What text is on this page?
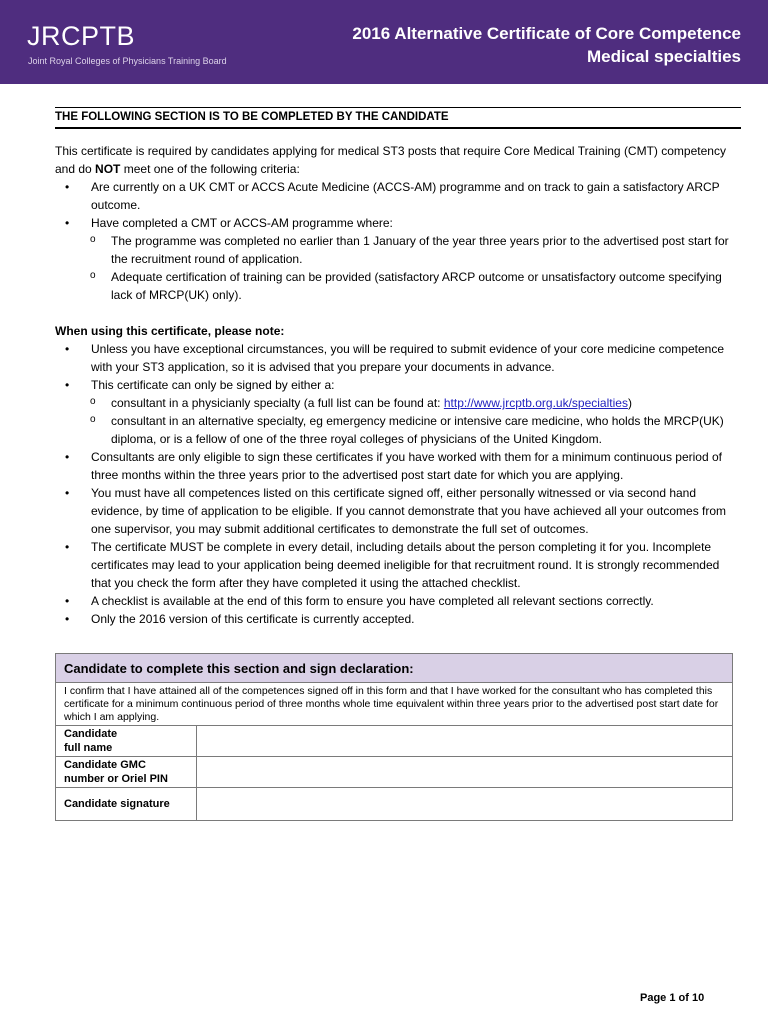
JRCPTB
Joint Royal Colleges of Physicians Training Board
2016 Alternative Certificate of Core Competence
Medical specialties
THE FOLLOWING SECTION IS TO BE COMPLETED BY THE CANDIDATE

This certificate is required by candidates applying for medical ST3 posts that require Core Medical Training (CMT) competency and do NOT meet one of the following criteria:

• Are currently on a UK CMT or ACCS Acute Medicine (ACCS-AM) programme and on track to gain a satisfactory ARCP outcome.
• Have completed a CMT or ACCS-AM programme where:
o The programme was completed no earlier than 1 January of the year three years prior to the advertised post start for the recruitment round of application.
o Adequate certification of training can be provided (satisfactory ARCP outcome or unsatisfactory outcome specifying lack of MRCP(UK) only).

When using this certificate, please note:

• Unless you have exceptional circumstances, you will be required to submit evidence of your core medicine competence with your ST3 application, so it is advised that you prepare your documents in advance.
• This certificate can only be signed by either a:
o consultant in a physicianly specialty (a full list can be found at: http://www.jrcptb.org.uk/specialties)
o consultant in an alternative specialty, eg emergency medicine or intensive care medicine, who holds the MRCP(UK) diploma, or is a fellow of one of the three royal colleges of physicians of the United Kingdom.
• Consultants are only eligible to sign these certificates if you have worked with them for a minimum continuous period of three months within the three years prior to the advertised post start date for which you are applying.
• You must have all competences listed on this certificate signed off, either personally witnessed or via second hand evidence, by time of application to be eligible. If you cannot demonstrate that you have achieved all your outcomes from one supervisor, you may submit additional certificates to demonstrate the full set of outcomes.
• The certificate MUST be complete in every detail, including details about the person completing it for you. Incomplete certificates may lead to your application being deemed ineligible for that recruitment round. It is strongly recommended that you check the form after they have completed it using the attached checklist.
• A checklist is available at the end of this form to ensure you have completed all relevant sections correctly.
• Only the 2016 version of this certificate is currently accepted.
Candidate to complete this section and sign declaration:	
I confirm that I have attained all of the competences signed off in this form and that I have worked for the consultant who has completed this certificate for a minimum continuous period of three months whole time equivalent within three years prior to the advertised post start date for which I am applying.	

Candidate
full name	

Candidate GMC
number or Oriel PIN	

Candidate signature	
Page 1 of 10
